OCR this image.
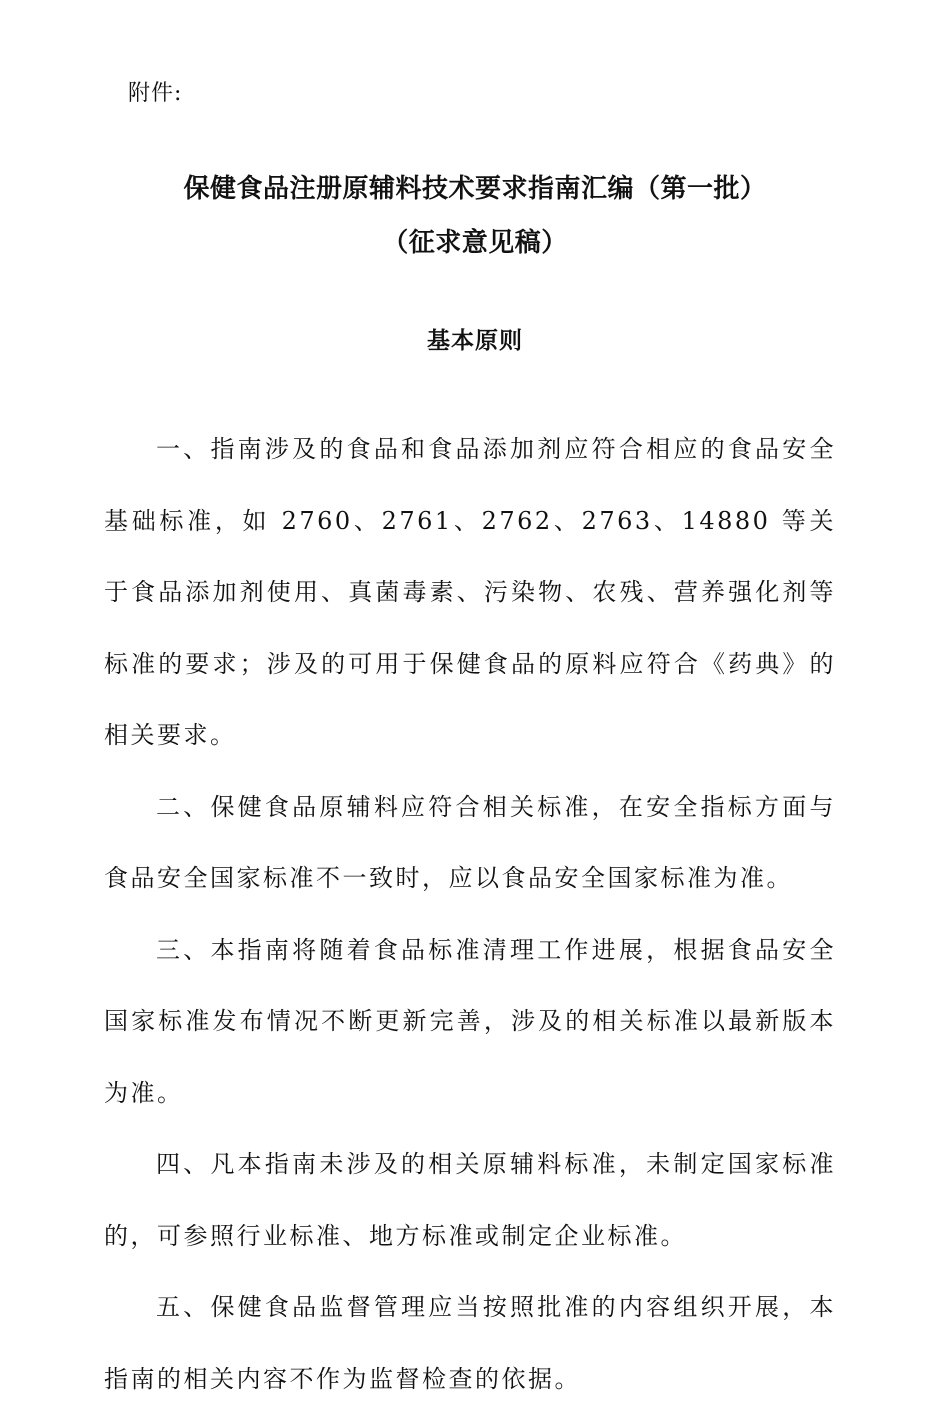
附件:
保健食品注册原辅料技术要求指南汇编（第一批）
（征求意见稿）
基本原则
一、指南涉及的食品和食品添加剂应符合相应的食品安全基础标准，如 2760、2761、2762、2763、14880 等关于食品添加剂使用、真菌毒素、污染物、农残、营养强化剂等标准的要求；涉及的可用于保健食品的原料应符合《药典》的相关要求。
二、保健食品原辅料应符合相关标准，在安全指标方面与食品安全国家标准不一致时，应以食品安全国家标准为准。
三、本指南将随着食品标准清理工作进展，根据食品安全国家标准发布情况不断更新完善，涉及的相关标准以最新版本为准。
四、凡本指南未涉及的相关原辅料标准，未制定国家标准的，可参照行业标准、地方标准或制定企业标准。
五、保健食品监督管理应当按照批准的内容组织开展，本指南的相关内容不作为监督检查的依据。
